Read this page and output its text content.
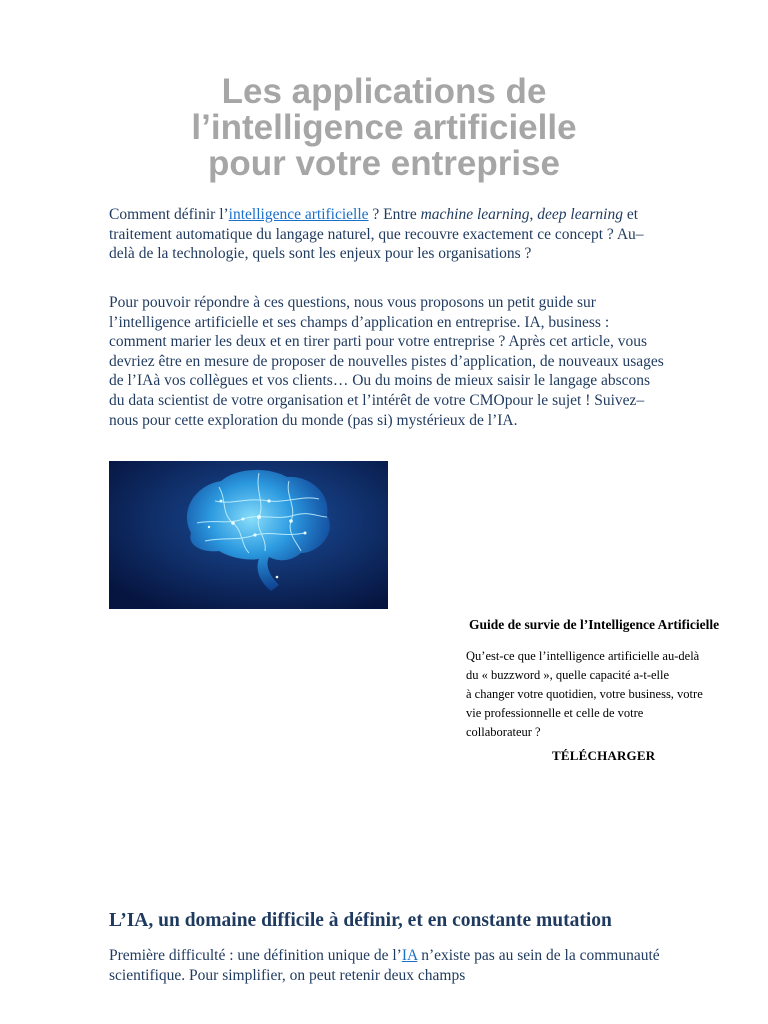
Les applications de l’intelligence artificielle pour votre entreprise

Comment définir l’intelligence artificielle ? Entre machine learning, deep learning et traitement automatique du langage naturel, que recouvre exactement ce concept ? Au–delà de la technologie, quels sont les enjeux pour les organisations ?

Pour pouvoir répondre à ces questions, nous vous proposons un petit guide sur l’intelligence artificielle et ses champs d’application en entreprise. IA, business : comment marier les deux et en tirer parti pour votre entreprise ? Après cet article, vous devriez être en mesure de proposer de nouvelles pistes d’application, de nouveaux usages de l’IAà vos collègues et vos clients… Ou du moins de mieux saisir le langage abscons du data scientist de votre organisation et l’intérêt de votre CMOpour le sujet ! Suivez–nous pour cette exploration du monde (pas si) mystérieux de l’IA.

Guide de survie de l’Intelligence Artificielle

Qu’est-ce que l’intelligence artificielle au-delà
du « buzzword », quelle capacité a-t-elle
à changer votre quotidien, votre business, votre
vie professionnelle et celle de votre
collaborateur ?

TÉLÉCHARGER
L’IA, un domaine difficile à définir, et en constante mutation

Première difficulté : une définition unique de l’IA n’existe pas au sein de la communauté scientifique. Pour simplifier, on peut retenir deux champs
